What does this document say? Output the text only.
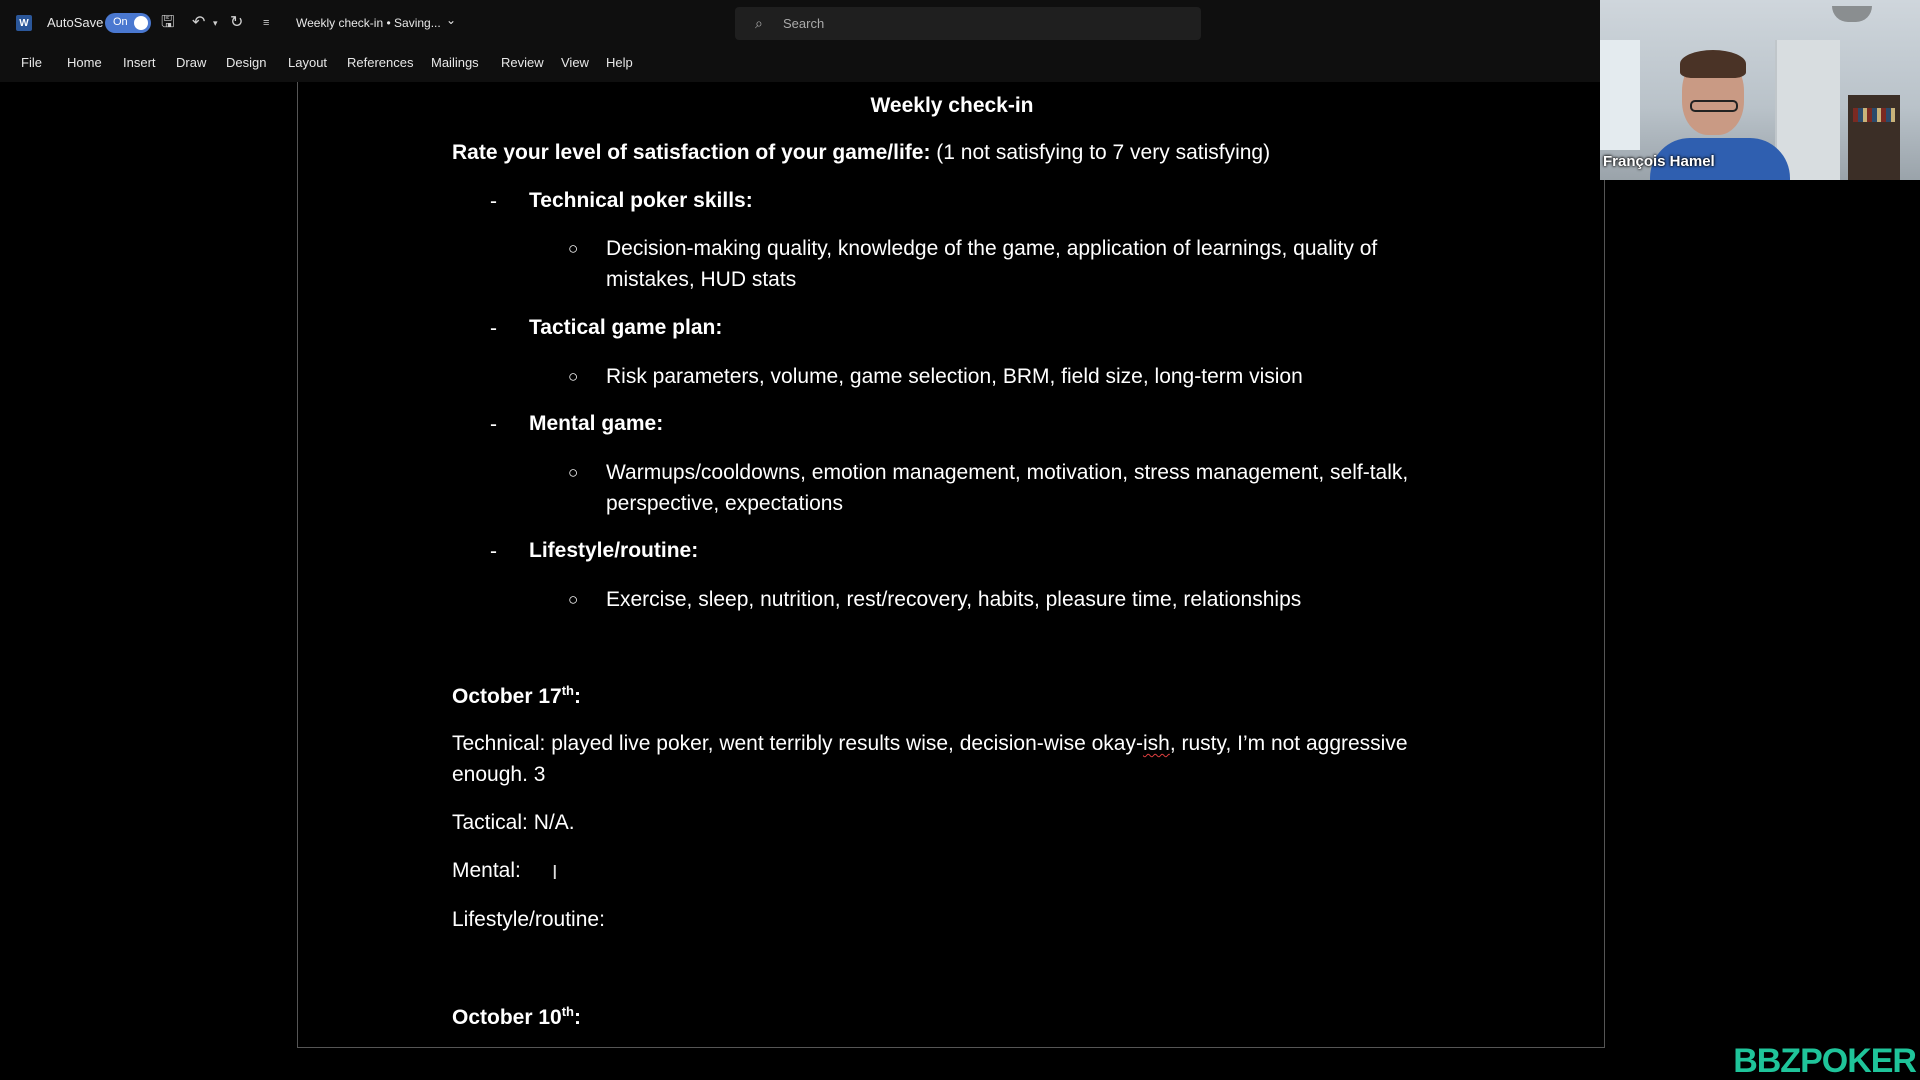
W AutoSave On 🖫 ↶ ▾ ↻ ≡ Weekly check-in • Saving... ⌄	⌕ Search
File Home Insert Draw Design Layout References Mailings Review View Help
Weekly check-in
Rate your level of satisfaction of your game/life: (1 not satisfying to 7 very satisfying)
- Technical poker skills:
○ Decision-making quality, knowledge of the game, application of learnings, quality of
mistakes, HUD stats
- Tactical game plan:
○ Risk parameters, volume, game selection, BRM, field size, long-term vision
- Mental game:
○ Warmups/cooldowns, emotion management, motivation, stress management, self-talk,
perspective, expectations
- Lifestyle/routine:
○ Exercise, sleep, nutrition, rest/recovery, habits, pleasure time, relationships
October 17th:
Technical: played live poker, went terribly results wise, decision-wise okay-ish, rusty, I’m not aggressive
enough. 3
Tactical: N/A.
Mental: I
Lifestyle/routine:
October 10th:
François Hamel
BBZPOKER
